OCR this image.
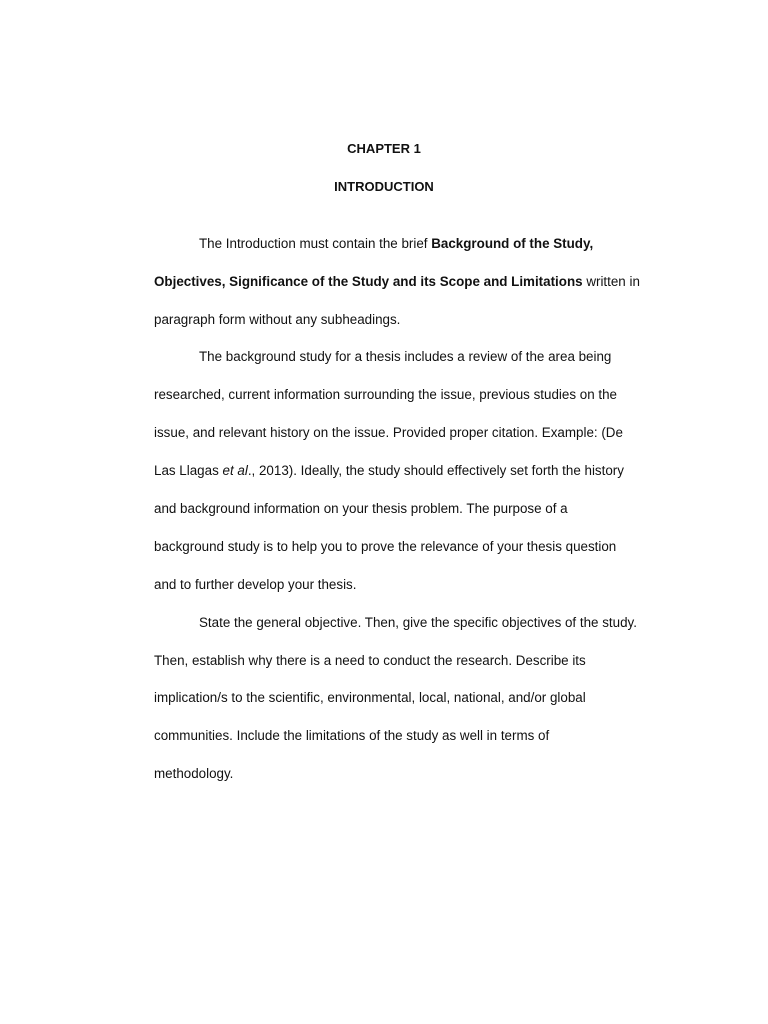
CHAPTER 1
INTRODUCTION
The Introduction must contain the brief Background of the Study,
Objectives, Significance of the Study and its Scope and Limitations written in
paragraph form without any subheadings.
The background study for a thesis includes a review of the area being
researched, current information surrounding the issue, previous studies on the
issue, and relevant history on the issue. Provided proper citation. Example: (De
Las Llagas et al., 2013). Ideally, the study should effectively set forth the history
and background information on your thesis problem. The purpose of a
background study is to help you to prove the relevance of your thesis question
and to further develop your thesis.
State the general objective. Then, give the specific objectives of the study.
Then, establish why there is a need to conduct the research. Describe its
implication/s to the scientific, environmental, local, national, and/or global
communities. Include the limitations of the study as well in terms of
methodology.
